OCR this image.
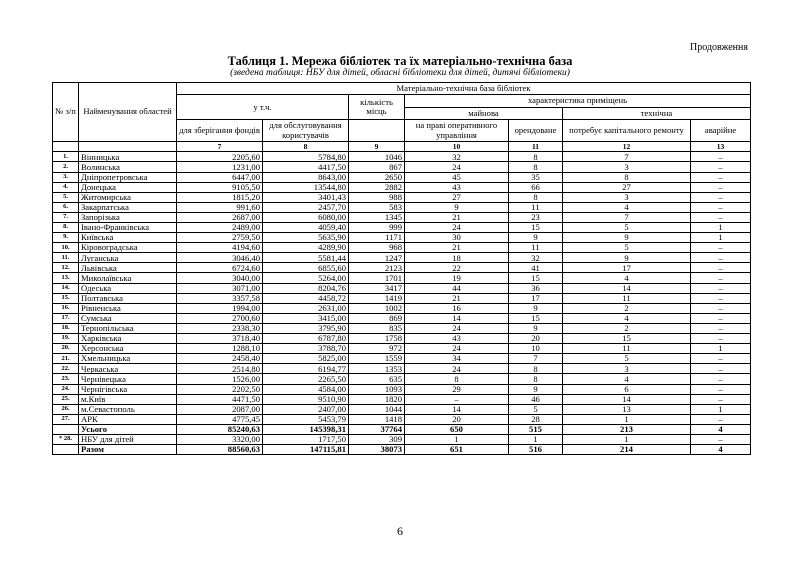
Продовження
Таблиця 1. Мережа бібліотек та їх матеріально-технічна база
(зведена таблиця: НБУ для дітей, обласні бібліотеки для дітей, дитячі бібліотеки)
№ з/п	Найменування областей	Матеріально-технічна база бібліотек						
		у т.ч.		кількість місць	характеристика приміщень			
					майнова		технічна	
		для зберігання фондів	для обслуговування користувачів		на праві оперативного управління	орендоване	потребує капітального ремонту	аварійне

		7	8	9	10	11	12	13
1.	Вінницька	2205,60	5784,80	1046	32	8	7	–
2.	Волинська	1231,00	4417,50	867	24	8	3	–
3.	Дніпропетровська	6447,00	8643,00	2650	45	35	8	–
4.	Донецька	9105,50	13544,80	2882	43	66	27	–
5.	Житомирська	1815,20	3401,43	988	27	8	3	–
6.	Закарпатська	991,60	2457,70	583	9	11	4	–
7.	Запорізька	2687,00	6080,00	1345	21	23	7	–
8.	Івано-Франківська	2489,00	4059,40	999	24	15	5	1
9.	Київська	2759,50	5635,90	1171	30	9	9	1
10.	Кіровоградська	4194,60	4289,90	968	21	11	5	–
11.	Луганська	3046,40	5581,44	1247	18	32	9	–
12.	Львівська	6724,60	6855,60	2123	22	41	17	–
13.	Миколаївська	3040,00	5264,00	1701	19	15	4	–
14.	Одеська	3071,00	8204,76	3417	44	36	14	–
15.	Полтавська	3357,58	4458,72	1419	21	17	11	–
16.	Рівненська	1994,00	2631,00	1002	16	9	2	–
17.	Сумська	2700,60	3415,00	869	14	15	4	–
18.	Тернопільська	2338,30	3795,90	835	24	9	2	–
19.	Харківська	3718,40	6787,80	1758	43	20	15	–
20.	Херсонська	1288,10	3788,70	972	24	10	11	1
21.	Хмельницька	2458,40	5825,00	1559	34	7	5	–
22.	Черкаська	2514,80	6194,77	1353	24	8	3	–
23.	Чернівецька	1526,00	2265,50	635	8	8	4	–
24.	Чернігівська	2202,50	4584,00	1093	29	9	6	–
25.	м.Київ	4471,50	9510,90	1820	–	46	14	–
26.	м.Севастополь	2087,00	2407,00	1044	14	5	13	1
27.	АРК	4775,45	5453,79	1418	20	28	1	–
	Усього	85240,63	145398,31	37764	650	515	213	4
* 28.	НБУ для дітей	3320,00	1717,50	309	1	1	1	–
	Разом	88560,63	147115,81	38073	651	516	214	4
6
